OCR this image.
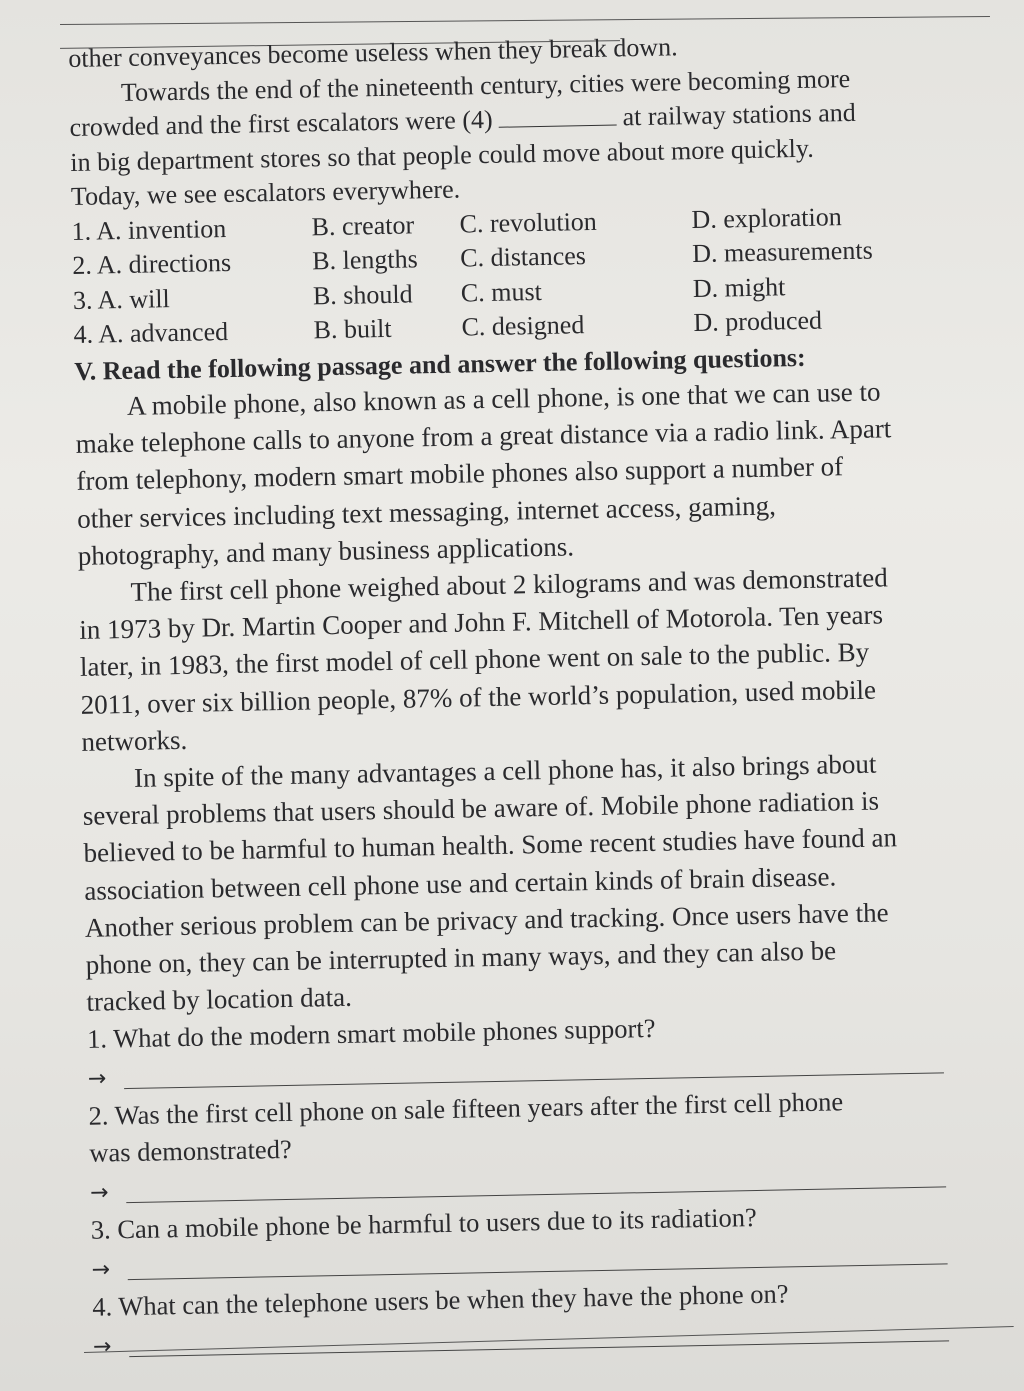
other conveyances become useless when they break down.
Towards the end of the nineteenth century, cities were becoming more
crowded and the first escalators were (4)	at railway stations and
in big department stores so that people could move about more quickly.
Today, we see escalators everywhere.
1. A. invention	B. creator	C. revolution	D. exploration
2. A. directions	B. lengths	C. distances	D. measurements
3. A. will	B. should	C. must	D. might
4. A. advanced	B. built	C. designed	D. produced
V. Read the following passage and answer the following questions:
A mobile phone, also known as a cell phone, is one that we can use to
make telephone calls to anyone from a great distance via a radio link. Apart
from telephony, modern smart mobile phones also support a number of
other services including text messaging, internet access, gaming,
photography, and many business applications.
The first cell phone weighed about 2 kilograms and was demonstrated
in 1973 by Dr. Martin Cooper and John F. Mitchell of Motorola. Ten years
later, in 1983, the first model of cell phone went on sale to the public. By
2011, over six billion people, 87% of the world’s population, used mobile
networks.
In spite of the many advantages a cell phone has, it also brings about
several problems that users should be aware of. Mobile phone radiation is
believed to be harmful to human health. Some recent studies have found an
association between cell phone use and certain kinds of brain disease.
Another serious problem can be privacy and tracking. Once users have the
phone on, they can be interrupted in many ways, and they can also be
tracked by location data.
1. What do the modern smart mobile phones support?
→
2. Was the first cell phone on sale fifteen years after the first cell phone
was demonstrated?
→
3. Can a mobile phone be harmful to users due to its radiation?
→
4. What can the telephone users be when they have the phone on?
→
